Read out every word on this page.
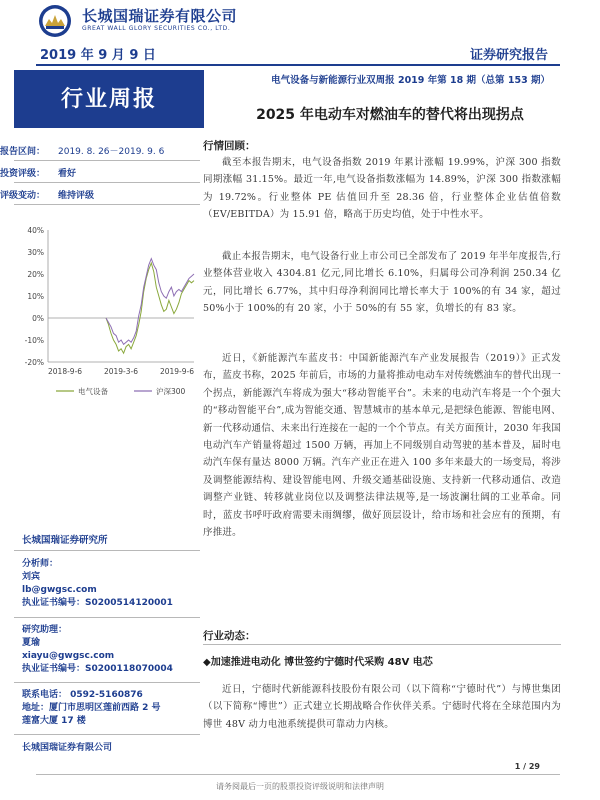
长城国瑞证券有限公司
GREAT WALL GLORY SECURITIES CO., LTD.
2019 年 9 月 9 日	证券研究报告
行业周报
电气设备与新能源行业双周报 2019 年第 18 期（总第 153 期）
2025 年电动车对燃油车的替代将出现拐点
报告区间： 2019. 8. 26－2019. 9. 6
投资评级： 看好
评级变动： 维持评级
40%
30%
20%
10%
0%
-10%
-20%
2018-9-6	2019-3-6	2019-9-6
电气设备	沪深300
长城国瑞证券研究所
分析师：
刘宾
lb@gwgsc.com
执业证书编号：S0200514120001
研究助理：
夏瑜
xiayu@gwgsc.com
执业证书编号：S0200118070004
联系电话： 0592-5160876
地址：厦门市思明区莲前西路 2 号
莲富大厦 17 楼
长城国瑞证券有限公司
行情回顾：
截至本报告期末，电气设备指数 2019 年累计涨幅 19.99%，沪深 300 指数同期涨幅 31.15%。最近一年,电气设备指数涨幅为 14.89%，沪深 300 指数涨幅为 19.72%。行业整体 PE 估值回升至 28.36 倍，行业整体企业估值倍数（EV/EBITDA）为 15.91 倍，略高于历史均值，处于中性水平。
截止本报告期末，电气设备行业上市公司已全部发布了 2019 年半年度报告,行业整体营业收入 4304.81 亿元,同比增长 6.10%，归属母公司净利润 250.34 亿元，同比增长 6.77%，其中归母净利润同比增长率大于 100%的有 34 家，超过 50%小于 100%的有 20 家，小于 50%的有 55 家，负增长的有 83 家。
近日，《新能源汽车蓝皮书：中国新能源汽车产业发展报告（2019）》正式发布，蓝皮书称，2025 年前后，市场的力量将推动电动车对传统燃油车的替代出现一个拐点，新能源汽车将成为强大“移动智能平台”。未来的电动汽车将是一个个强大的“移动智能平台”,成为智能交通、智慧城市的基本单元,是把绿色能源、智能电网、新一代移动通信、未来出行连接在一起的一个个节点。有关方面预计，2030 年我国电动汽车产销量将超过 1500 万辆，再加上不同级别自动驾驶的基本普及，届时电动汽车保有量达 8000 万辆。汽车产业正在进入 100 多年来最大的一场变局，将涉及调整能源结构、建设智能电网、升级交通基础设施、支持新一代移动通信、改造调整产业链、转移就业岗位以及调整法律法规等,是一场波澜壮阔的工业革命。同时，蓝皮书呼吁政府需要未雨绸缪，做好顶层设计，给市场和社会应有的预期，有序推进。
行业动态：
◆加速推进电动化 博世签约宁德时代采购 48V 电芯
近日，宁德时代新能源科技股份有限公司（以下简称“宁德时代”）与博世集团（以下简称“博世”）正式建立长期战略合作伙伴关系。宁德时代将在全球范围内为博世 48V 动力电池系统提供可靠动力内核。
1 / 29
请务阅最后一页的股票投资评级说明和法律声明
